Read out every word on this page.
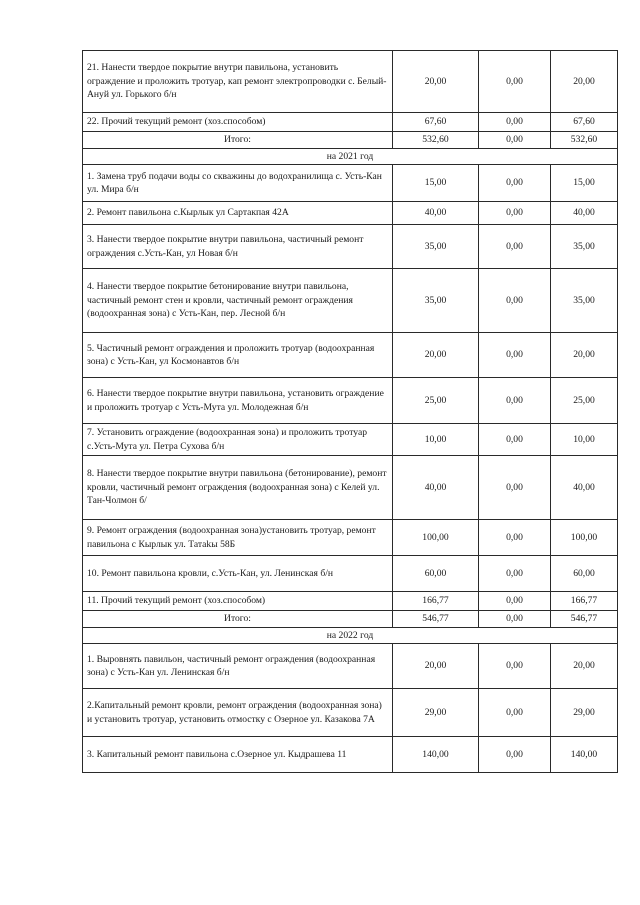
21. Нанести твердое покрытие внутри павильона, установить ограждение и проложить тротуар, кап ремонт электропроводки с. Белый-Ануй ул. Горького б/н	20,00	0,00	20,00
22. Прочий текущий ремонт (хоз.способом)	67,60	0,00	67,60
Итого:	532,60	0,00	532,60
на 2021 год			
1. Замена труб подачи воды со скважины до водохранилища с. Усть-Кан ул. Мира б/н	15,00	0,00	15,00
2. Ремонт павильона с.Кырлык ул Сартакпая 42А	40,00	0,00	40,00
3. Нанести твердое покрытие внутри павильона, частичный ремонт ограждения с.Усть-Кан, ул Новая б/н	35,00	0,00	35,00
4. Нанести твердое покрытие бетонирование внутри павильона, частичный ремонт стен и кровли, частичный ремонт ограждения (водоохранная зона) с Усть-Кан, пер. Лесной б/н	35,00	0,00	35,00
5. Частичный ремонт ограждения и проложить тротуар (водоохранная зона) с Усть-Кан, ул Космонавтов б/н	20,00	0,00	20,00
6. Нанести твердое покрытие внутри павильона, установить ограждение и проложить тротуар с Усть-Мута ул. Молодежная б/н	25,00	0,00	25,00
7. Установить ограждение (водоохранная зона) и проложить тротуар с.Усть-Мута ул. Петра Сухова б/н	10,00	0,00	10,00
8. Нанести твердое покрытие внутри павильона (бетонирование), ремонт кровли, частичный ремонт ограждения (водоохранная зона) с Келей ул. Тан-Чолмон б/	40,00	0,00	40,00
9. Ремонт ограждения (водоохранная зона)установить тротуар, ремонт павильона с Кырлык ул. Татаkы 58Б	100,00	0,00	100,00
10. Ремонт павильона кровли, с.Усть-Кан, ул. Ленинская б/н	60,00	0,00	60,00
11. Прочий текущий ремонт (хоз.способом)	166,77	0,00	166,77
Итого:	546,77	0,00	546,77
на 2022 год			
1. Выровнять павильон, частичный ремонт ограждения (водоохранная зона) с Усть-Кан ул. Ленинская б/н	20,00	0,00	20,00
2.Капитальный ремонт кровли, ремонт ограждения (водоохранная зона) и установить тротуар, установить отмостку с Озерное ул. Казакова 7А	29,00	0,00	29,00
3. Капитальный ремонт павильона с.Озерное ул. Кыдрашева 11	140,00	0,00	140,00
